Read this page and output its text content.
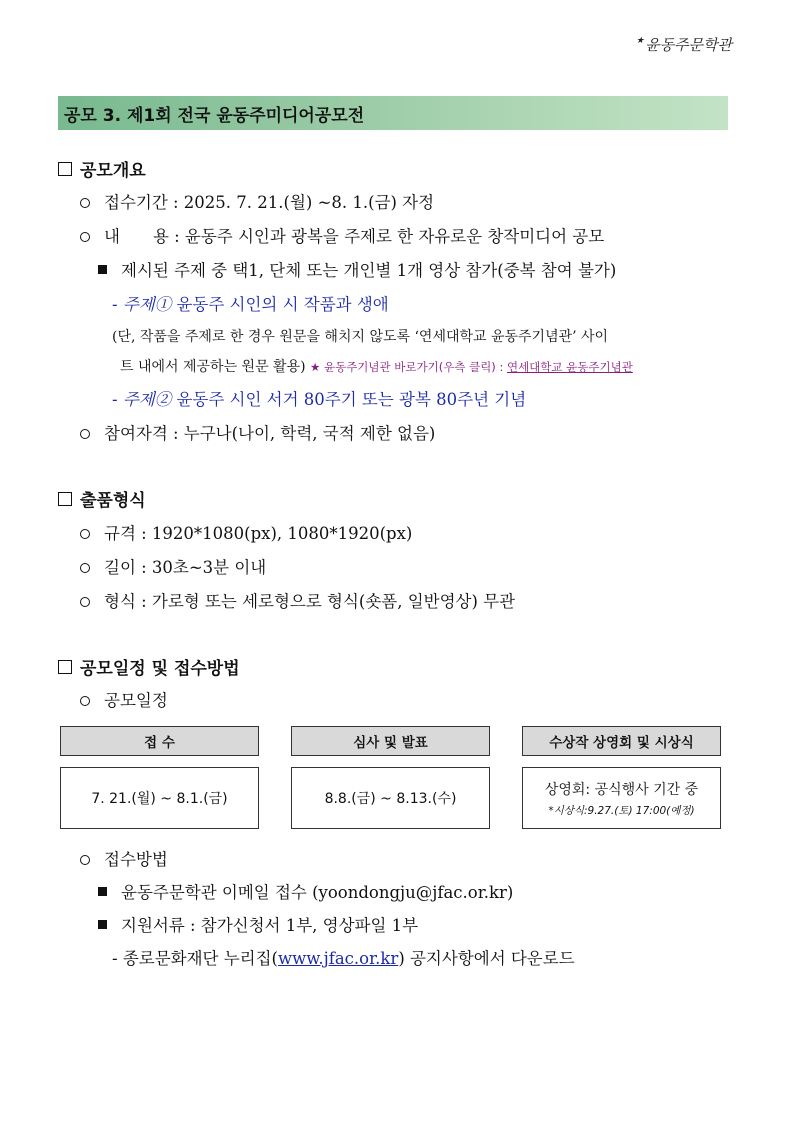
★윤동주문학관
공모 3. 제1회 전국 윤동주미디어공모전
공모개요
접수기간 : 2025. 7. 21.(월) ~8. 1.(금) 자정
내　　용 : 윤동주 시인과 광복을 주제로 한 자유로운 창작미디어 공모
제시된 주제 중 택1, 단체 또는 개인별 1개 영상 참가(중복 참여 불가)
- 주제① 윤동주 시인의 시 작품과 생애
(단, 작품을 주제로 한 경우 원문을 해치지 않도록 ‘연세대학교 윤동주기념관’ 사이
트 내에서 제공하는 원문 활용) ★ 윤동주기념관 바로가기(우측 클릭) : 연세대학교 윤동주기념관
- 주제② 윤동주 시인 서거 80주기 또는 광복 80주년 기념
참여자격 : 누구나(나이, 학력, 국적 제한 없음)
출품형식
규격 : 1920*1080(px), 1080*1920(px)
길이 : 30초~3분 이내
형식 : 가로형 또는 세로형으로 형식(숏폼, 일반영상) 무관
공모일정 및 접수방법
공모일정
접 수	심사 및 발표	수상작 상영회 및 시상식
7. 21.(월) ~ 8.1.(금)	8.8.(금) ~ 8.13.(수)
상영회: 공식행사 기간 중
*시상식:9.27.(토) 17:00(예정)
접수방법
윤동주문학관 이메일 접수 (yoondongju@jfac.or.kr)
지원서류 : 참가신청서 1부, 영상파일 1부
- 종로문화재단 누리집(www.jfac.or.kr) 공지사항에서 다운로드
